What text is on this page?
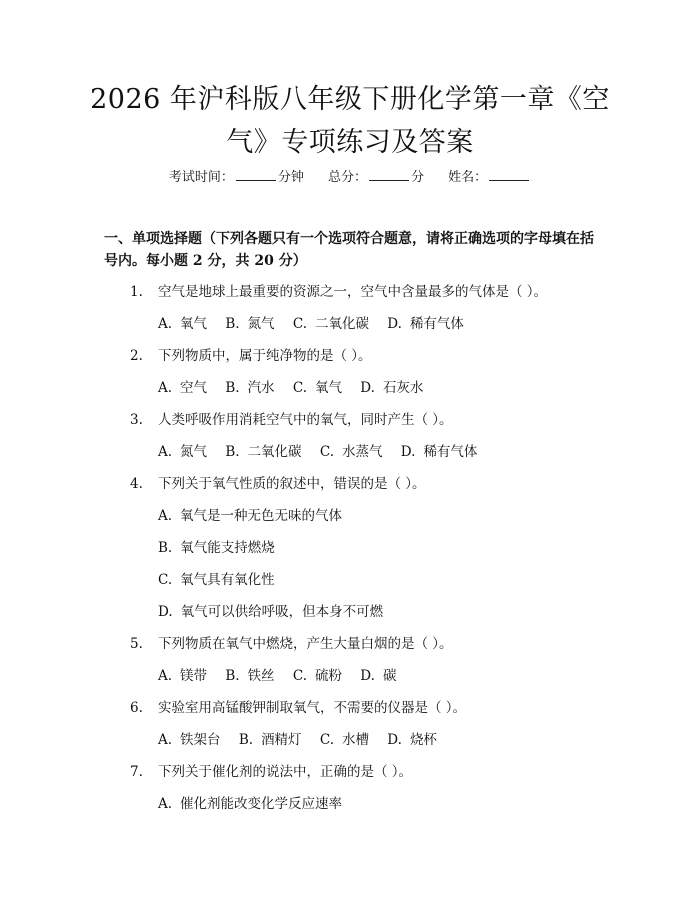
2026 年沪科版八年级下册化学第一章《空
气》专项练习及答案
考试时间：	分钟 总分：	分 姓名：
一、单项选择题（下列各题只有一个选项符合题意，请将正确选项的字母填在括
号内。每小题 2 分，共 20 分）
1. 空气是地球上最重要的资源之一，空气中含量最多的气体是（ ）。
A. 氧气 B. 氮气 C. 二氧化碳 D. 稀有气体
2. 下列物质中，属于纯净物的是（ ）。
A. 空气 B. 汽水 C. 氧气 D. 石灰水
3. 人类呼吸作用消耗空气中的氧气，同时产生（ ）。
A. 氮气 B. 二氧化碳 C. 水蒸气 D. 稀有气体
4. 下列关于氧气性质的叙述中，错误的是（ ）。
A. 氧气是一种无色无味的气体
B. 氧气能支持燃烧
C. 氧气具有氧化性
D. 氧气可以供给呼吸，但本身不可燃
5. 下列物质在氧气中燃烧，产生大量白烟的是（ ）。
A. 镁带 B. 铁丝 C. 硫粉 D. 碳
6. 实验室用高锰酸钾制取氧气，不需要的仪器是（ ）。
A. 铁架台 B. 酒精灯 C. 水槽 D. 烧杯
7. 下列关于催化剂的说法中，正确的是（ ）。
A. 催化剂能改变化学反应速率
